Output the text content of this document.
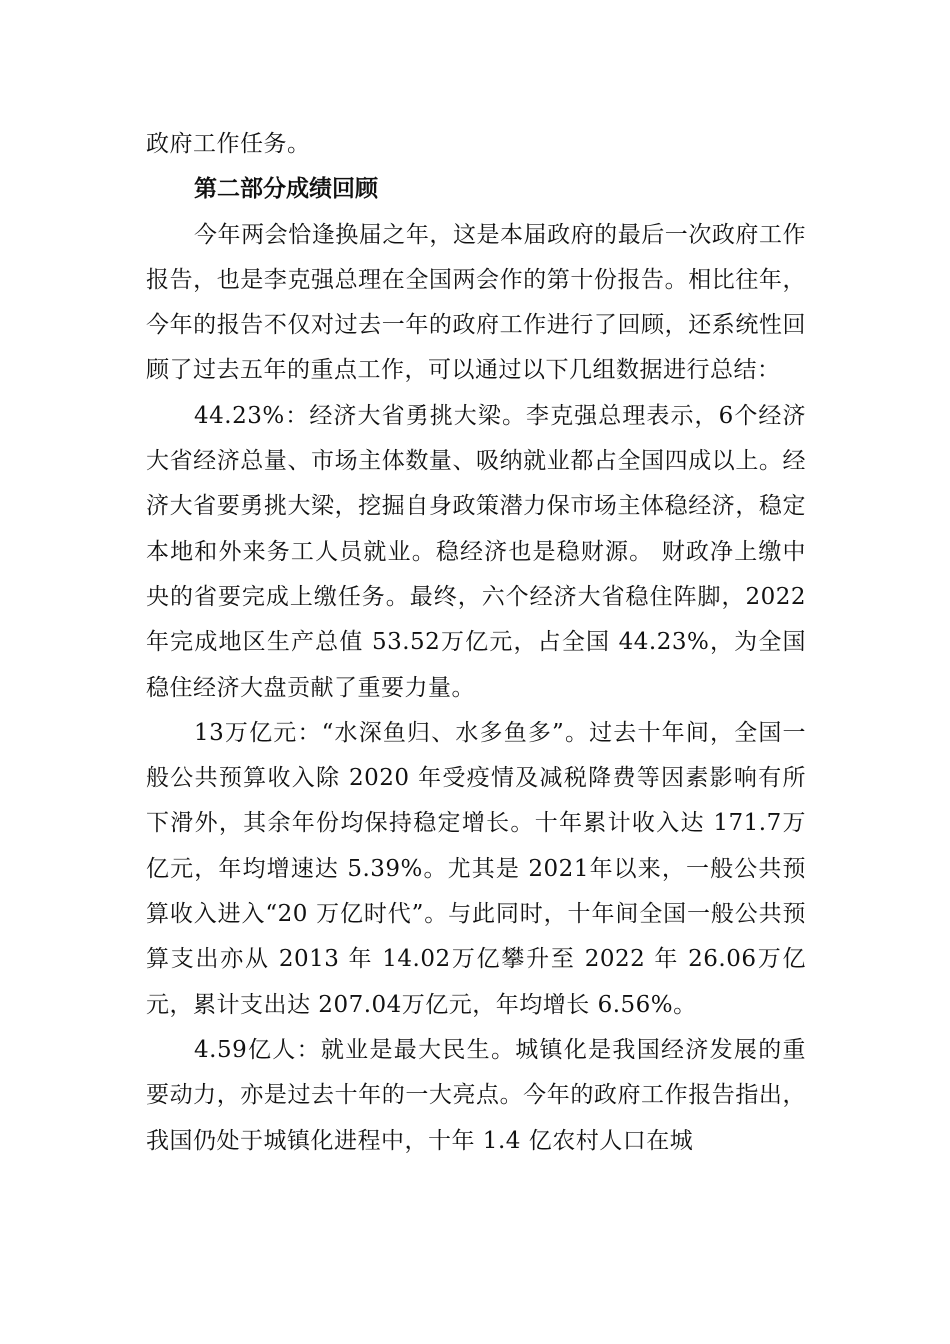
政府工作任务。

第二部分成绩回顾

今年两会恰逢换届之年，这是本届政府的最后一次政府工作报告，也是李克强总理在全国两会作的第十份报告。相比往年，今年的报告不仅对过去一年的政府工作进行了回顾，还系统性回顾了过去五年的重点工作，可以通过以下几组数据进行总结：

44.23%：经济大省勇挑大梁。李克强总理表示，6个经济大省经济总量、市场主体数量、吸纳就业都占全国四成以上。经济大省要勇挑大梁，挖掘自身政策潜力保市场主体稳经济，稳定本地和外来务工人员就业。稳经济也是稳财源。 财政净上缴中央的省要完成上缴任务。最终，六个经济大省稳住阵脚，2022年完成地区生产总值 53.52万亿元，占全国 44.23%，为全国稳住经济大盘贡献了重要力量。

13万亿元：“水深鱼归、水多鱼多”。过去十年间，全国一般公共预算收入除 2020 年受疫情及减税降费等因素影响有所下滑外，其余年份均保持稳定增长。十年累计收入达 171.7万亿元，年均增速达 5.39%。尤其是 2021年以来，一般公共预算收入进入“20 万亿时代”。与此同时，十年间全国一般公共预算支出亦从 2013 年 14.02万亿攀升至 2022 年 26.06万亿元，累计支出达 207.04万亿元，年均增长 6.56%。

4.59亿人：就业是最大民生。城镇化是我国经济发展的重要动力，亦是过去十年的一大亮点。今年的政府工作报告指出，我国仍处于城镇化进程中，十年 1.4 亿农村人口在城
